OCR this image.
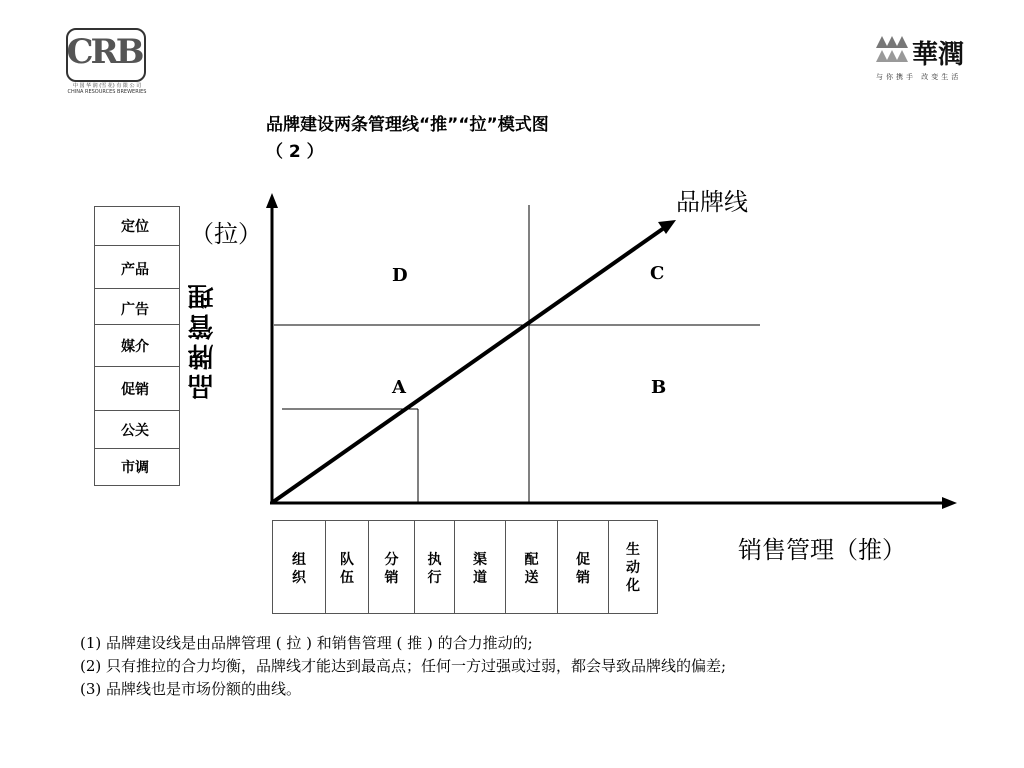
CRB
中 国 华 润 (雪 花) 有 限 公 司
CHINA RESOURCES BREWERIES
華潤
与你携手 改变生活
品牌建设两条管理线“推”“拉”模式图
（ 2 ）
定位
产品
广告
媒介
促销
公关
市调
（拉）
品牌管理
D	C
A	B
品牌线
销售管理（推）
组织
队伍
分销
执行
渠道
配送
促销
生动化
(1) 品牌建设线是由品牌管理 ( 拉 ) 和销售管理 ( 推 ) 的合力推动的;
(2) 只有推拉的合力均衡，品牌线才能达到最高点；任何一方过强或过弱，都会导致品牌线的偏差;
(3) 品牌线也是市场份额的曲线。
